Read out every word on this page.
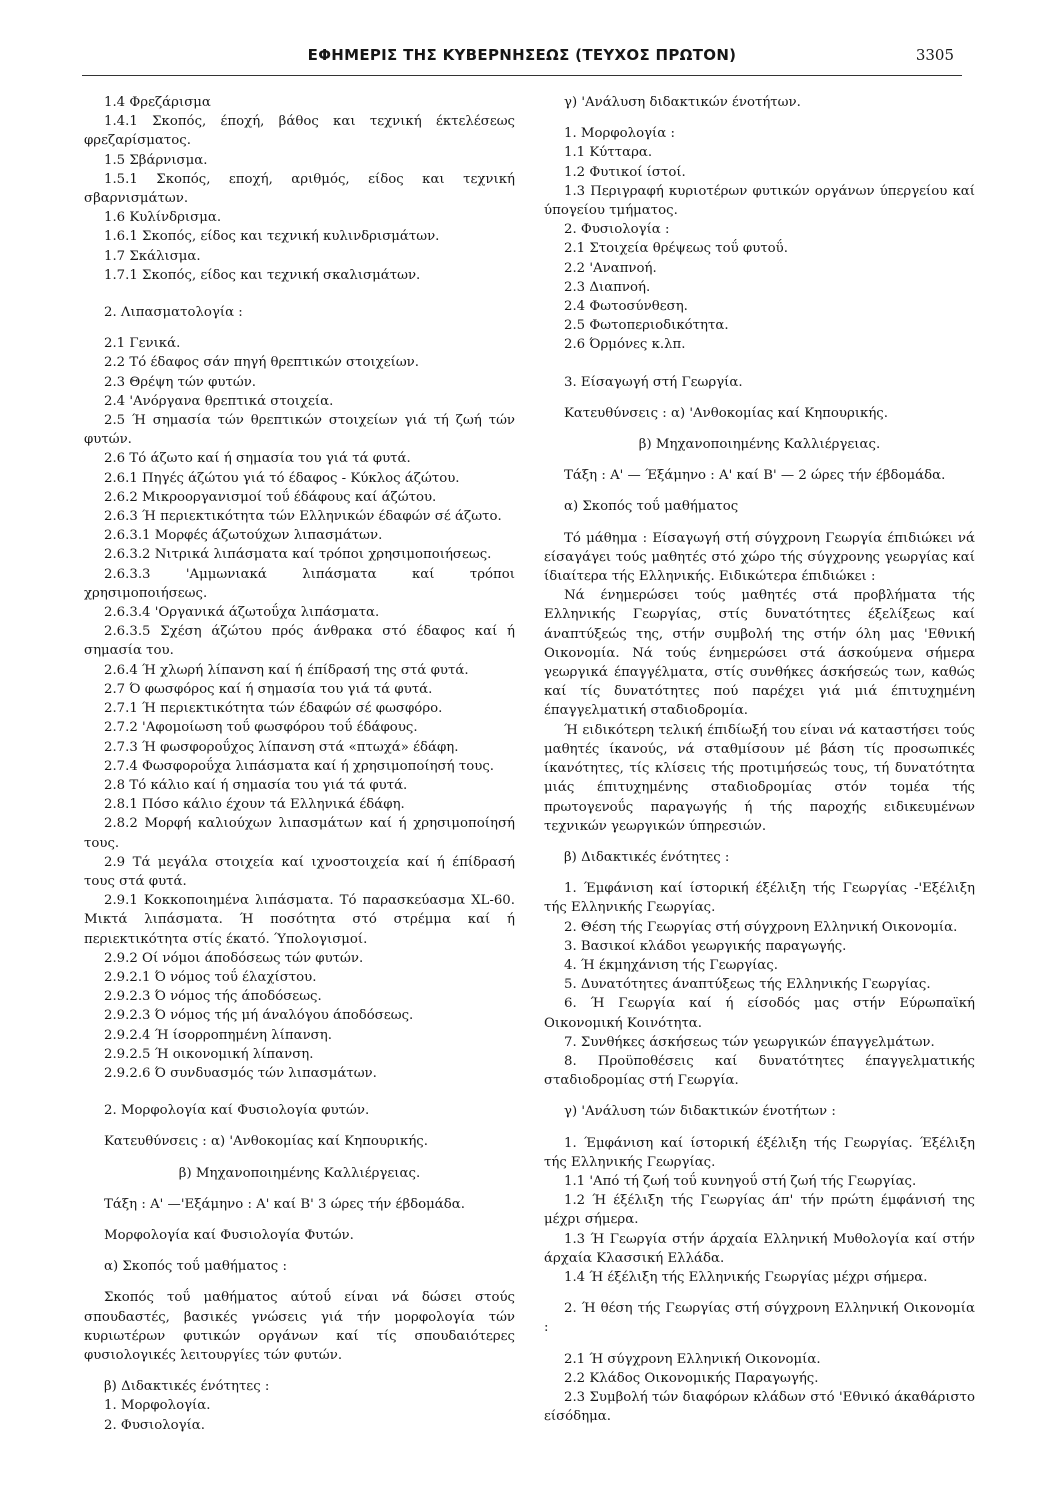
ΕΦΗΜΕΡΙΣ ΤΗΣ ΚΥΒΕΡΝΗΣΕΩΣ (ΤΕΥΧΟΣ ΠΡΩΤΟΝ)	3305

1.4 Φρεζάρισμα

1.4.1 Σκοπός, έποχή, βάθος και τεχνική έκτελέσεως φρεζαρίσματος.

1.5 Σβάρνισμα.

1.5.1 Σκοπός, εποχή, αριθμός, είδος και τεχνική σβαρνισμάτων.

1.6 Κυλίνδρισμα.

1.6.1 Σκοπός, είδος και τεχνική κυλινδρισμάτων.

1.7 Σκάλισμα.

1.7.1 Σκοπός, είδος και τεχνική σκαλισμάτων.

2. Λιπασματολογία :

2.1 Γενικά.

2.2 Τό έδαφος σάν πηγή θρεπτικών στοιχείων.

2.3 Θρέψη τών φυτών.

2.4 'Ανόργανα θρεπτικά στοιχεία.

2.5 Ή σημασία τών θρεπτικών στοιχείων γιά τή ζωή τών φυτών.

2.6 Τό άζωτο καί ή σημασία του γιά τά φυτά.

2.6.1 Πηγές άζώτου γιά τό έδαφος - Κύκλος άζώτου.

2.6.2 Μικροοργανισμοί τοΰ έδάφους καί άζώτου.

2.6.3 Ή περιεκτικότητα τών Ελληνικών έδαφών σέ άζωτο.

2.6.3.1 Μορφές άζωτούχων λιπασμάτων.

2.6.3.2 Νιτρικά λιπάσματα καί τρόποι χρησιμοποιήσεως.

2.6.3.3 'Αμμωνιακά λιπάσματα καί τρόποι χρησιμοποιήσεως.

2.6.3.4 'Οργανικά άζωτοΰχα λιπάσματα.

2.6.3.5 Σχέση άζώτου πρός άνθρακα στό έδαφος καί ή σημασία του.

2.6.4 Ή χλωρή λίπανση καί ή έπίδρασή της στά φυτά.

2.7 Ό φωσφόρος καί ή σημασία του γιά τά φυτά.

2.7.1 Ή περιεκτικότητα τών έδαφών σέ φωσφόρο.

2.7.2 'Αφομοίωση τοΰ φωσφόρου τοΰ έδάφους.

2.7.3 Ή φωσφοροΰχος λίπανση στά «πτωχά» έδάφη.

2.7.4 Φωσφοροΰχα λιπάσματα καί ή χρησιμοποίησή τους.

2.8 Τό κάλιο καί ή σημασία του γιά τά φυτά.

2.8.1 Πόσο κάλιο έχουν τά Ελληνικά έδάφη.

2.8.2 Μορφή καλιούχων λιπασμάτων καί ή χρησιμοποίησή τους.

2.9 Τά μεγάλα στοιχεία καί ιχνοστοιχεία καί ή έπίδρασή τους στά φυτά.

2.9.1 Κοκκοποιημένα λιπάσματα. Τό παρασκεύασμα XL-60. Μικτά λιπάσματα. Ή ποσότητα στό στρέμμα καί ή περιεκτικότητα στίς έκατό. Ύπολογισμοί.

2.9.2 Οί νόμοι άποδόσεως τών φυτών.

2.9.2.1 Ό νόμος τοΰ έλαχίστου.

2.9.2.3 Ό νόμος τής άποδόσεως.

2.9.2.3 Ό νόμος τής μή άναλόγου άποδόσεως.

2.9.2.4 Ή ίσορροπημένη λίπανση.

2.9.2.5 Ή οικονομική λίπανση.

2.9.2.6 Ό συνδυασμός τών λιπασμάτων.

2. Μορφολογία καί Φυσιολογία φυτών.

Κατευθύνσεις : α) 'Ανθοκομίας καί Κηπουρικής.

β) Μηχανοποιημένης Καλλιέργειας.

Τάξη : Α' —'Εξάμηνο : Α' καί Β' 3 ώρες τήν έβδομάδα.

Μορφολογία καί Φυσιολογία Φυτών.

α) Σκοπός τοΰ μαθήματος :

Σκοπός τοΰ μαθήματος αύτοΰ είναι νά δώσει στούς σπουδαστές, βασικές γνώσεις γιά τήν μορφολογία τών κυριωτέρων φυτικών οργάνων καί τίς σπουδαιότερες φυσιολογικές λειτουργίες τών φυτών.

β) Διδακτικές ένότητες :

1. Μορφολογία.

2. Φυσιολογία.

γ) 'Ανάλυση διδακτικών ένοτήτων.

1. Μορφολογία :

1.1 Κύτταρα.

1.2 Φυτικοί ίστοί.

1.3 Περιγραφή κυριοτέρων φυτικών οργάνων ύπεργείου καί ύπογείου τμήματος.

2. Φυσιολογία :

2.1 Στοιχεία θρέψεως τοΰ φυτοΰ.

2.2 'Αναπνοή.

2.3 Διαπνοή.

2.4 Φωτοσύνθεση.

2.5 Φωτοπεριοδικότητα.

2.6 Όρμόνες κ.λπ.

3. Είσαγωγή στή Γεωργία.

Κατευθύνσεις : α) 'Ανθοκομίας καί Κηπουρικής.

β) Μηχανοποιημένης Καλλιέργειας.

Τάξη : Α' — Έξάμηνο : Α' καί Β' — 2 ώρες τήν έβδομάδα.

α) Σκοπός τοΰ μαθήματος

Τό μάθημα : Είσαγωγή στή σύγχρονη Γεωργία έπιδιώκει νά είσαγάγει τούς μαθητές στό χώρο τής σύγχρονης γεωργίας καί ίδιαίτερα τής Ελληνικής. Ειδικώτερα έπιδιώκει :

Νά ένημερώσει τούς μαθητές στά προβλήματα τής Ελληνικής Γεωργίας, στίς δυνατότητες έξελίξεως καί άναπτύξεώς της, στήν συμβολή της στήν όλη μας 'Εθνική Οικονομία. Νά τούς ένημερώσει στά άσκούμενα σήμερα γεωργικά έπαγγέλματα, στίς συνθήκες άσκήσεώς των, καθώς καί τίς δυνατότητες πού παρέχει γιά μιά έπιτυχημένη έπαγγελματική σταδιοδρομία.

Ή ειδικότερη τελική έπιδίωξή του είναι νά καταστήσει τούς μαθητές ίκανούς, νά σταθμίσουν μέ βάση τίς προσωπικές ίκανότητες, τίς κλίσεις τής προτιμήσεώς τους, τή δυνατότητα μιάς έπιτυχημένης σταδιοδρομίας στόν τομέα τής πρωτογενοΰς παραγωγής ή τής παροχής ειδικευμένων τεχνικών γεωργικών ύπηρεσιών.

β) Διδακτικές ένότητες :

1. Έμφάνιση καί ίστορική έξέλιξη τής Γεωργίας -'Εξέλιξη τής Ελληνικής Γεωργίας.

2. Θέση τής Γεωργίας στή σύγχρονη Ελληνική Οικονομία.

3. Βασικοί κλάδοι γεωργικής παραγωγής.

4. Ή έκμηχάνιση τής Γεωργίας.

5. Δυνατότητες άναπτύξεως τής Ελληνικής Γεωργίας.

6. Ή Γεωργία καί ή είσοδός μας στήν Εύρωπαϊκή Οικονομική Κοινότητα.

7. Συνθήκες άσκήσεως τών γεωργικών έπαγγελμάτων.

8. Προϋποθέσεις καί δυνατότητες έπαγγελματικής σταδιοδρομίας στή Γεωργία.

γ) 'Ανάλυση τών διδακτικών ένοτήτων :

1. Έμφάνιση καί ίστορική έξέλιξη τής Γεωργίας. Έξέλιξη τής Ελληνικής Γεωργίας.

1.1 'Από τή ζωή τοΰ κυνηγοΰ στή ζωή τής Γεωργίας.

1.2 Ή έξέλιξη τής Γεωργίας άπ' τήν πρώτη έμφάνισή της μέχρι σήμερα.

1.3 Ή Γεωργία στήν άρχαία Ελληνική Μυθολογία καί στήν άρχαία Κλασσική Ελλάδα.

1.4 Ή έξέλιξη τής Ελληνικής Γεωργίας μέχρι σήμερα.

2. Ή θέση τής Γεωργίας στή σύγχρονη Ελληνική Οικονομία :

2.1 Ή σύγχρονη Ελληνική Οικονομία.

2.2 Κλάδος Οικονομικής Παραγωγής.

2.3 Συμβολή τών διαφόρων κλάδων στό 'Εθνικό άκαθάριστο είσόδημα.
